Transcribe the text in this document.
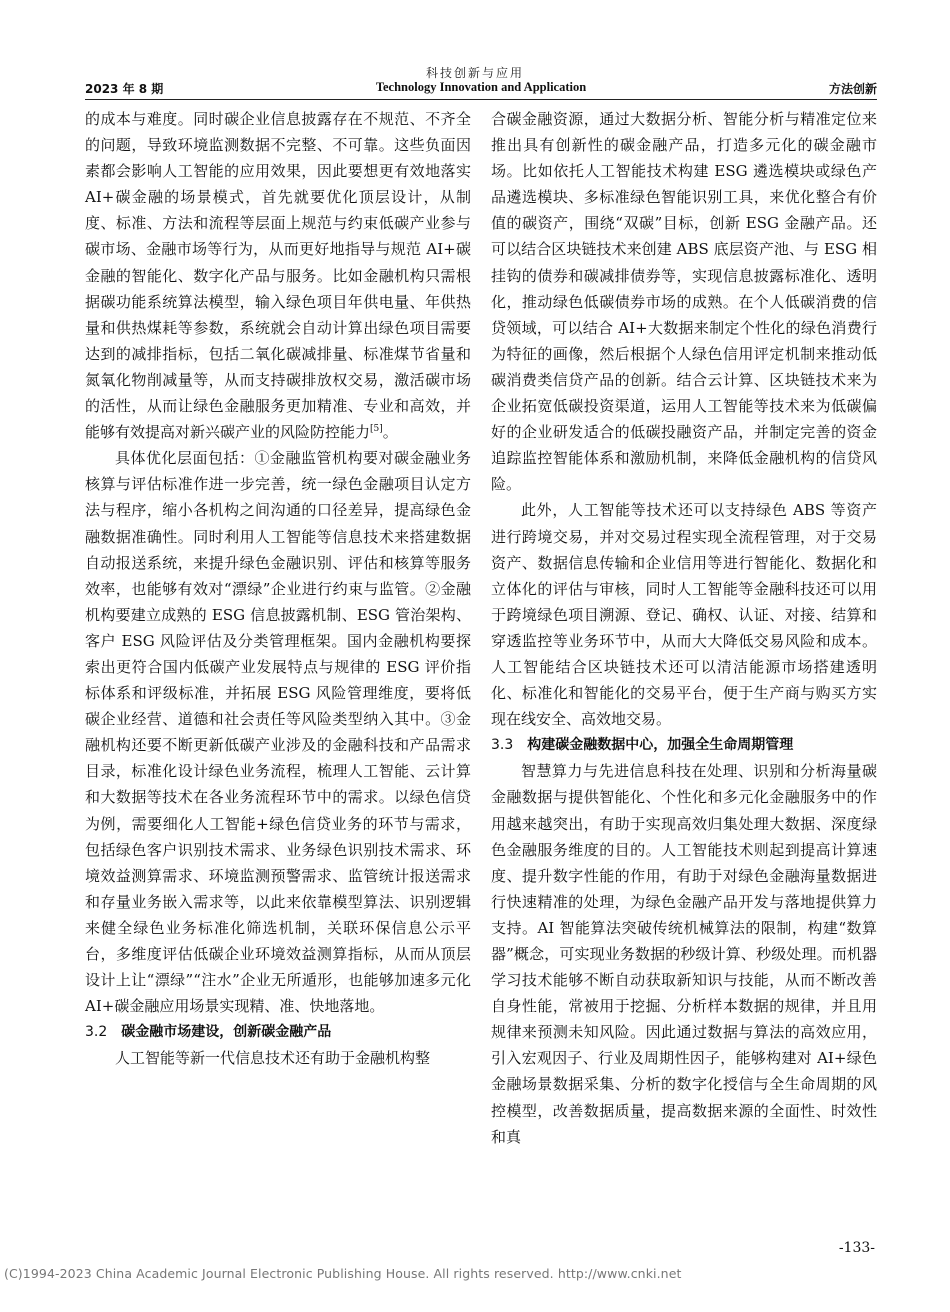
科技创新与应用
2023 年 8 期	Technology Innovation and Application	方法创新

的成本与难度。同时碳企业信息披露存在不规范、不齐全的问题，导致环境监测数据不完整、不可靠。这些负面因素都会影响人工智能的应用效果，因此要想更有效地落实AI+碳金融的场景模式，首先就要优化顶层设计，从制度、标准、方法和流程等层面上规范与约束低碳产业参与碳市场、金融市场等行为，从而更好地指导与规范 AI+碳金融的智能化、数字化产品与服务。比如金融机构只需根据碳功能系统算法模型，输入绿色项目年供电量、年供热量和供热煤耗等参数，系统就会自动计算出绿色项目需要达到的减排指标，包括二氧化碳减排量、标准煤节省量和氮氧化物削减量等，从而支持碳排放权交易，激活碳市场的活性，从而让绿色金融服务更加精准、专业和高效，并能够有效提高对新兴碳产业的风险防控能力[5]。

具体优化层面包括：①金融监管机构要对碳金融业务核算与评估标准作进一步完善，统一绿色金融项目认定方法与程序，缩小各机构之间沟通的口径差异，提高绿色金融数据准确性。同时利用人工智能等信息技术来搭建数据自动报送系统，来提升绿色金融识别、评估和核算等服务效率，也能够有效对“漂绿”企业进行约束与监管。②金融机构要建立成熟的 ESG 信息披露机制、ESG 管治架构、客户 ESG 风险评估及分类管理框架。国内金融机构要探索出更符合国内低碳产业发展特点与规律的 ESG 评价指标体系和评级标准，并拓展 ESG 风险管理维度，要将低碳企业经营、道德和社会责任等风险类型纳入其中。③金融机构还要不断更新低碳产业涉及的金融科技和产品需求目录，标准化设计绿色业务流程，梳理人工智能、云计算和大数据等技术在各业务流程环节中的需求。以绿色信贷为例，需要细化人工智能+绿色信贷业务的环节与需求，包括绿色客户识别技术需求、业务绿色识别技术需求、环境效益测算需求、环境监测预警需求、监管统计报送需求和存量业务嵌入需求等，以此来依靠模型算法、识别逻辑来健全绿色业务标准化筛选机制，关联环保信息公示平台，多维度评估低碳企业环境效益测算指标，从而从顶层设计上让“漂绿”“注水”企业无所遁形，也能够加速多元化 AI+碳金融应用场景实现精、准、快地落地。

3.2 碳金融市场建设，创新碳金融产品

人工智能等新一代信息技术还有助于金融机构整

合碳金融资源，通过大数据分析、智能分析与精准定位来推出具有创新性的碳金融产品，打造多元化的碳金融市场。比如依托人工智能技术构建 ESG 遴选模块或绿色产品遴选模块、多标准绿色智能识别工具，来优化整合有价值的碳资产，围绕“双碳”目标，创新 ESG 金融产品。还可以结合区块链技术来创建 ABS 底层资产池、与 ESG 相挂钩的债券和碳减排债券等，实现信息披露标准化、透明化，推动绿色低碳债券市场的成熟。在个人低碳消费的信贷领域，可以结合 AI+大数据来制定个性化的绿色消费行为特征的画像，然后根据个人绿色信用评定机制来推动低碳消费类信贷产品的创新。结合云计算、区块链技术来为企业拓宽低碳投资渠道，运用人工智能等技术来为低碳偏好的企业研发适合的低碳投融资产品，并制定完善的资金追踪监控智能体系和激励机制，来降低金融机构的信贷风险。

此外，人工智能等技术还可以支持绿色 ABS 等资产进行跨境交易，并对交易过程实现全流程管理，对于交易资产、数据信息传输和企业信用等进行智能化、数据化和立体化的评估与审核，同时人工智能等金融科技还可以用于跨境绿色项目溯源、登记、确权、认证、对接、结算和穿透监控等业务环节中，从而大大降低交易风险和成本。人工智能结合区块链技术还可以清洁能源市场搭建透明化、标准化和智能化的交易平台，便于生产商与购买方实现在线安全、高效地交易。

3.3 构建碳金融数据中心，加强全生命周期管理

智慧算力与先进信息科技在处理、识别和分析海量碳金融数据与提供智能化、个性化和多元化金融服务中的作用越来越突出，有助于实现高效归集处理大数据、深度绿色金融服务维度的目的。人工智能技术则起到提高计算速度、提升数字性能的作用，有助于对绿色金融海量数据进行快速精准的处理，为绿色金融产品开发与落地提供算力支持。AI 智能算法突破传统机械算法的限制，构建“数算器”概念，可实现业务数据的秒级计算、秒级处理。而机器学习技术能够不断自动获取新知识与技能，从而不断改善自身性能，常被用于挖掘、分析样本数据的规律，并且用规律来预测未知风险。因此通过数据与算法的高效应用，引入宏观因子、行业及周期性因子，能够构建对 AI+绿色金融场景数据采集、分析的数字化授信与全生命周期的风控模型，改善数据质量，提高数据来源的全面性、时效性和真

-133-
(C)1994-2023 China Academic Journal Electronic Publishing House. All rights reserved. http://www.cnki.net
